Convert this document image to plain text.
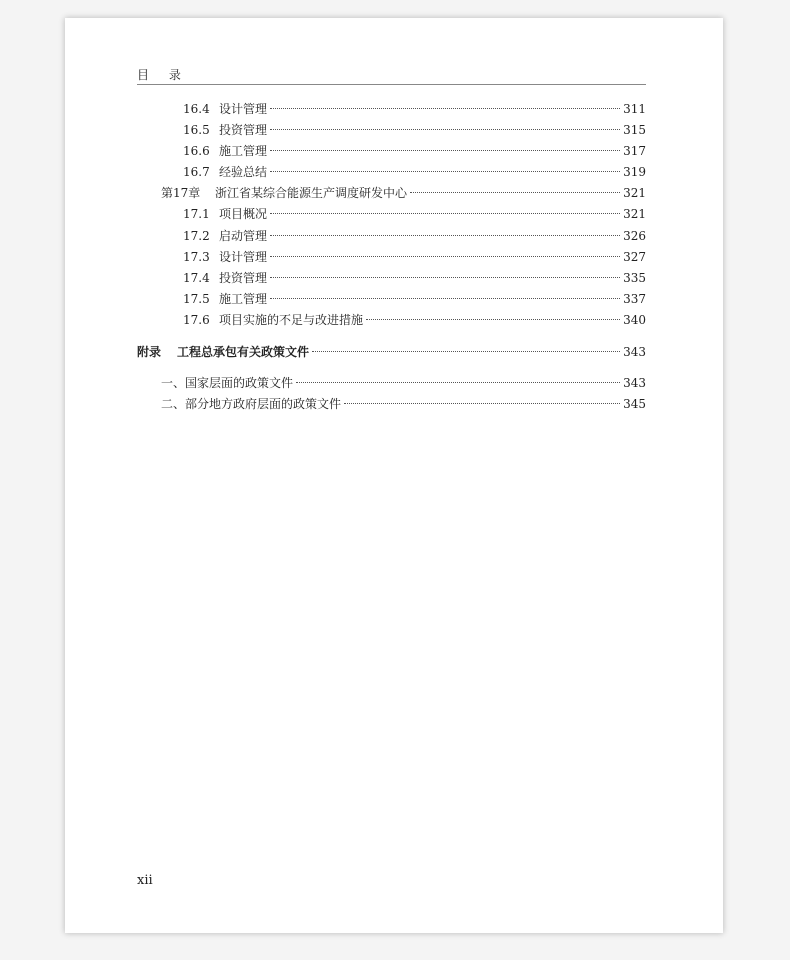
目 录
16.4 设计管理	311
16.5 投资管理	315
16.6 施工管理	317
16.7 经验总结	319
第17章	浙江省某综合能源生产调度研发中心	321
17.1 项目概况	321
17.2 启动管理	326
17.3 设计管理	327
17.4 投资管理	335
17.5 施工管理	337
17.6 项目实施的不足与改进措施	340
附录	工程总承包有关政策文件	343
一、国家层面的政策文件	343
二、部分地方政府层面的政策文件	345
xii
